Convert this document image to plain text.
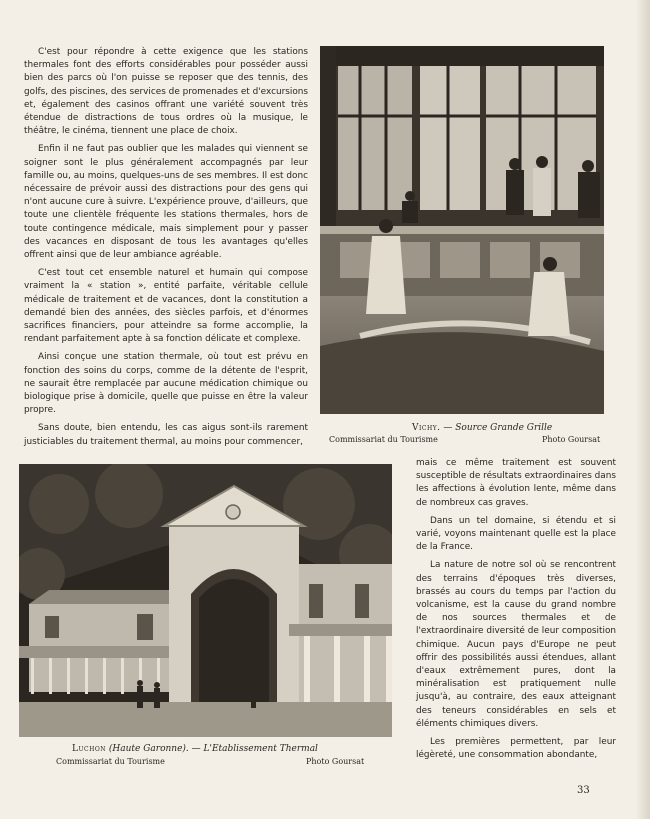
C'est pour répondre à cette exigence que les stations thermales font des efforts considérables pour posséder aussi bien des parcs où l'on puisse se reposer que des tennis, des golfs, des piscines, des services de promenades et d'excursions et, également des casinos offrant une variété souvent très étendue de distractions de tous ordres où la musique, le théâtre, le cinéma, tiennent une place de choix.

Enfin il ne faut pas oublier que les malades qui viennent se soigner sont le plus généralement accompagnés par leur famille ou, au moins, quelques-uns de ses membres. Il est donc nécessaire de prévoir aussi des distractions pour des gens qui n'ont aucune cure à suivre. L'expérience prouve, d'ailleurs, que toute une clientèle fréquente les stations thermales, hors de toute contingence médicale, mais simplement pour y passer des vacances en disposant de tous les avantages qu'elles offrent ainsi que de leur ambiance agréable.

C'est tout cet ensemble naturel et humain qui compose vraiment la « station », entité parfaite, véritable cellule médicale de traitement et de vacances, dont la constitution a demandé bien des années, des siècles parfois, et d'énormes sacrifices financiers, pour atteindre sa forme accomplie, la rendant parfaitement apte à sa fonction délicate et complexe.

Ainsi conçue une station thermale, où tout est prévu en fonction des soins du corps, comme de la détente de l'esprit, ne saurait être remplacée par aucune médication chimique ou biologique prise à domicile, quelle que puisse en être la valeur propre.

Sans doute, bien entendu, les cas aigus sont-ils rarement justiciables du traitement thermal, au moins pour commencer,

Vichy. — Source Grande Grille
Commissariat du Tourisme	Photo Goursat
Luchon (Haute Garonne). — L'Etablissement Thermal
Commissariat du Tourisme	Photo Goursat

mais ce même traitement est souvent susceptible de résultats extraordinaires dans les affections à évolution lente, même dans de nombreux cas graves.

Dans un tel domaine, si étendu et si varié, voyons maintenant quelle est la place de la France.

La nature de notre sol où se rencontrent des terrains d'époques très diverses, brassés au cours du temps par l'action du volcanisme, est la cause du grand nombre de nos sources thermales et de l'extraordinaire diversité de leur composition chimique. Aucun pays d'Europe ne peut offrir des possibilités aussi étendues, allant d'eaux extrêmement pures, dont la minéralisation est pratiquement nulle jusqu'à, au contraire, des eaux atteignant des teneurs considérables en sels et éléments chimiques divers.

Les premières permettent, par leur légèreté, une consommation abondante,

33
